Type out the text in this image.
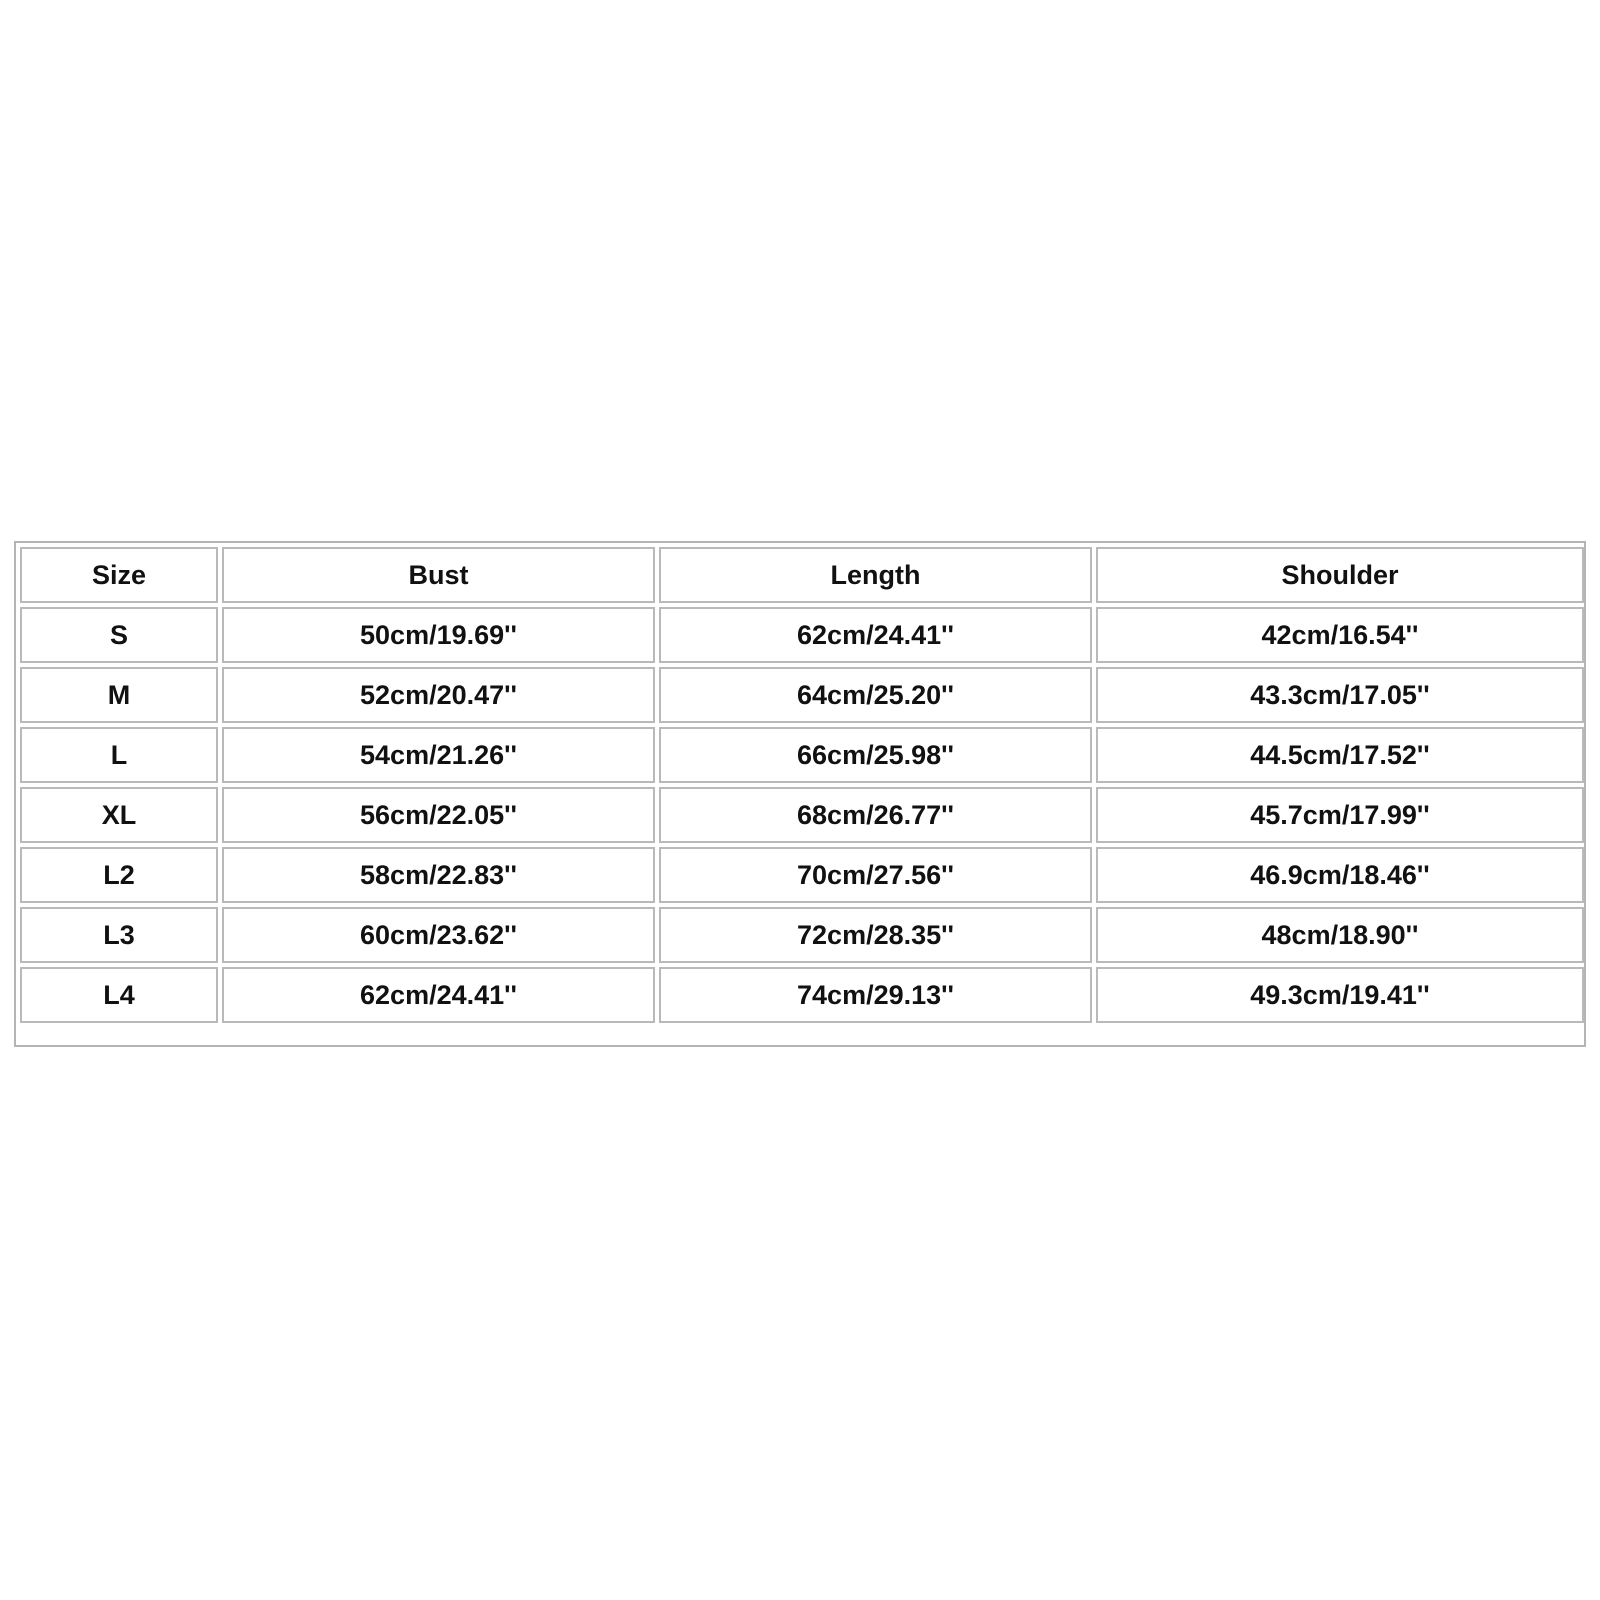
Size	Bust	Length	Shoulder
S	50cm/19.69''	62cm/24.41''	42cm/16.54''
M	52cm/20.47''	64cm/25.20''	43.3cm/17.05''
L	54cm/21.26''	66cm/25.98''	44.5cm/17.52''
XL	56cm/22.05''	68cm/26.77''	45.7cm/17.99''
L2	58cm/22.83''	70cm/27.56''	46.9cm/18.46''
L3	60cm/23.62''	72cm/28.35''	48cm/18.90''
L4	62cm/24.41''	74cm/29.13''	49.3cm/19.41''
